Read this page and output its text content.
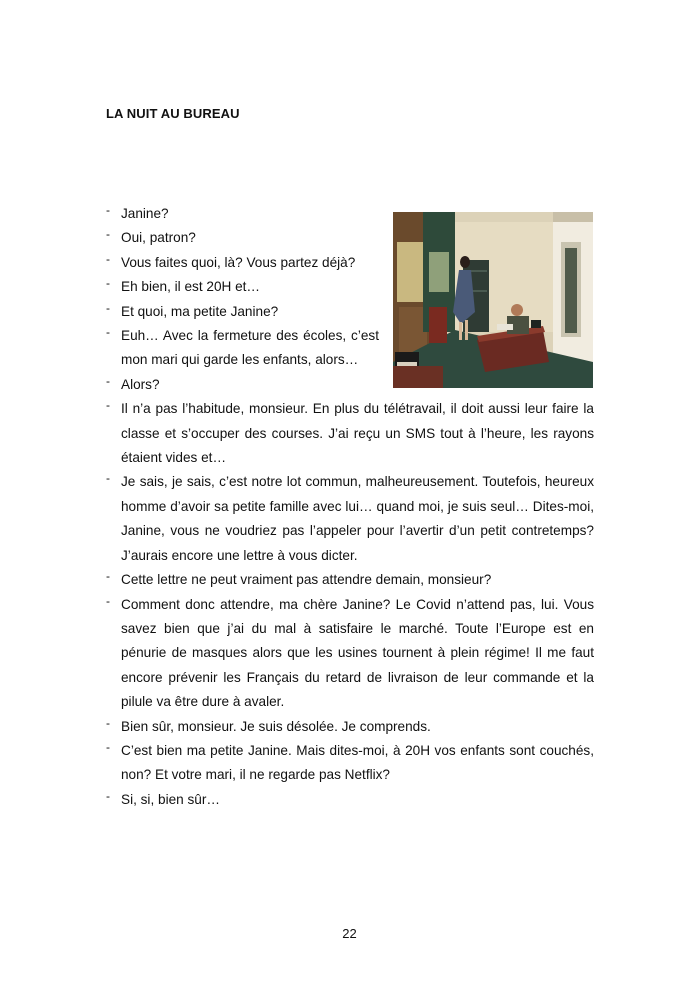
LA NUIT AU BUREAU
- Janine?
- Oui, patron?
- Vous faites quoi, là? Vous partez déjà?
- Eh bien, il est 20H et…
- Et quoi, ma petite Janine?
- Euh… Avec la fermeture des écoles, c’est mon mari qui garde les enfants, alors…
- Alors?
- Il n’a pas l’habitude, monsieur. En plus du télétravail, il doit aussi leur faire la classe et s’occuper des courses. J’ai reçu un SMS tout à l’heure, les rayons étaient vides et…
- Je sais, je sais, c’est notre lot commun, malheureusement. Toutefois, heureux homme d’avoir sa petite famille avec lui… quand moi, je suis seul… Dites-moi, Janine, vous ne voudriez pas l’appeler pour l’avertir d’un petit contretemps? J’aurais encore une lettre à vous dicter.
- Cette lettre ne peut vraiment pas attendre demain, monsieur?
- Comment donc attendre, ma chère Janine? Le Covid n’attend pas, lui. Vous savez bien que j’ai du mal à satisfaire le marché. Toute l’Europe est en pénurie de masques alors que les usines tournent à plein régime! Il me faut encore prévenir les Français du retard de livraison de leur commande et la pilule va être dure à avaler.
- Bien sûr, monsieur. Je suis désolée. Je comprends.
- C’est bien ma petite Janine. Mais dites-moi, à 20H vos enfants sont couchés, non? Et votre mari, il ne regarde pas Netflix?
- Si, si, bien sûr…
22
